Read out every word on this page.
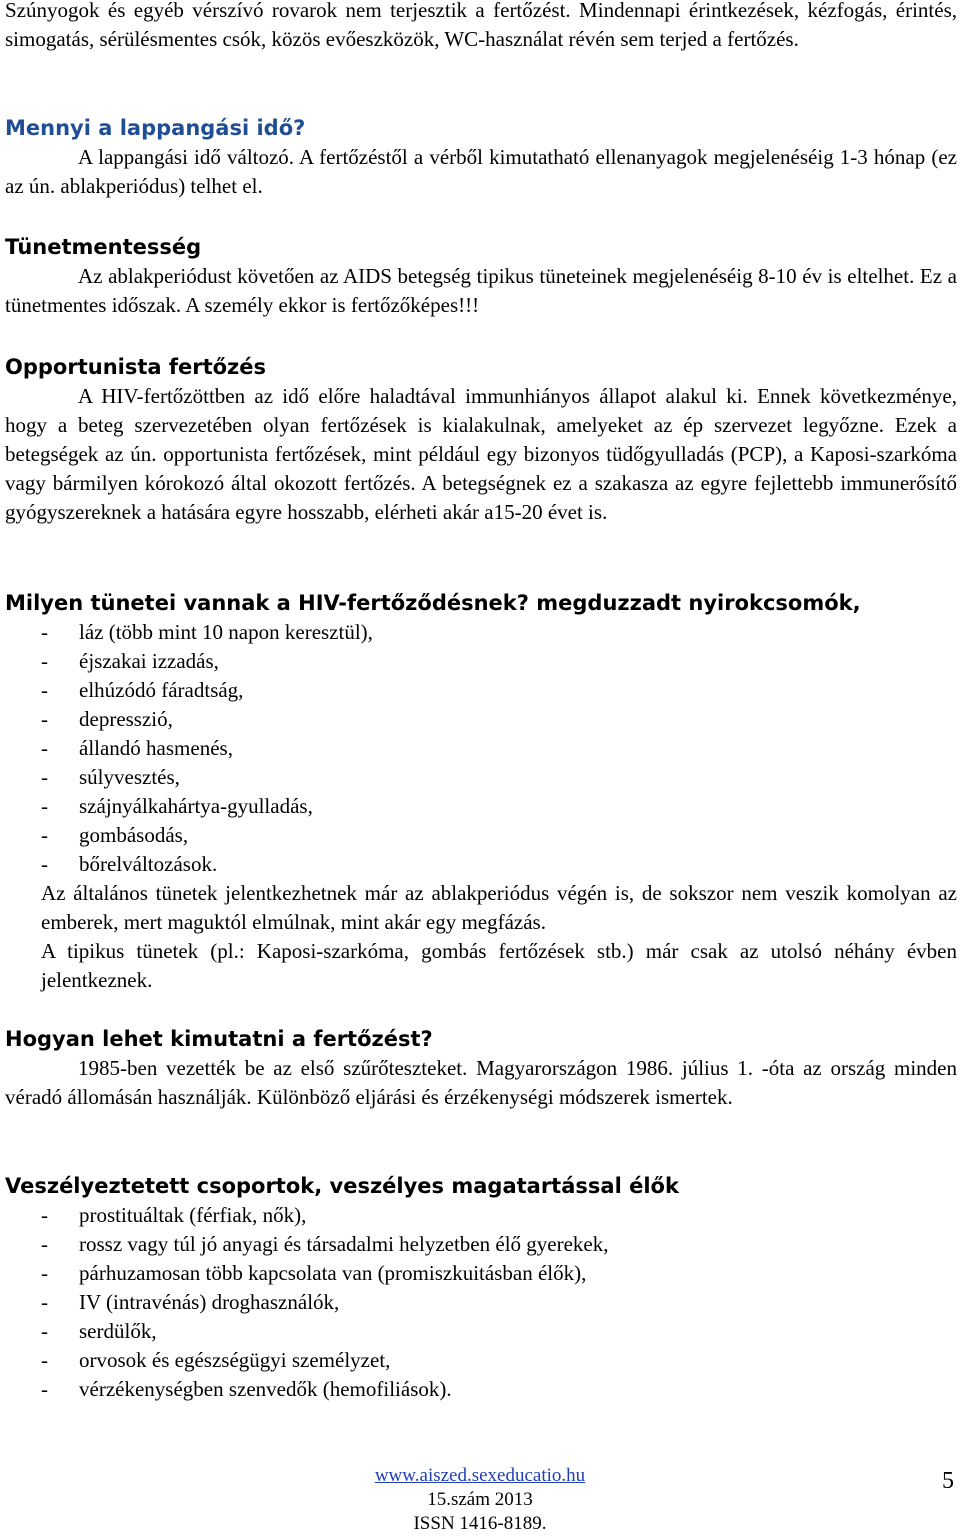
Szúnyogok és egyéb vérszívó rovarok nem terjesztik a fertőzést. Mindennapi érintkezések, kézfogás, érintés, simogatás, sérülésmentes csók, közös evőeszközök, WC-használat révén sem terjed a fertőzés.

Mennyi a lappangási idő?

A lappangási idő változó. A fertőzéstől a vérből kimutatható ellenanyagok megjelenéséig 1-3 hónap (ez az ún. ablakperiódus) telhet el.

Tünetmentesség

Az ablakperiódust követően az AIDS betegség tipikus tüneteinek megjelenéséig 8-10 év is eltelhet. Ez a tünetmentes időszak. A személy ekkor is fertőzőképes!!!

Opportunista fertőzés

A HIV-fertőzöttben az idő előre haladtával immunhiányos állapot alakul ki. Ennek következménye, hogy a beteg szervezetében olyan fertőzések is kialakulnak, amelyeket az ép szervezet legyőzne. Ezek a betegségek az ún. opportunista fertőzések, mint például egy bizonyos tüdőgyulladás (PCP), a Kaposi-szarkóma vagy bármilyen kórokozó által okozott fertőzés. A betegségnek ez a szakasza az egyre fejlettebb immunerősítő gyógyszereknek a hatására egyre hosszabb, elérheti akár a15-20 évet is.

Milyen tünetei vannak a HIV-fertőződésnek? megduzzadt nyirokcsomók,
- láz (több mint 10 napon keresztül),
- éjszakai izzadás,
- elhúzódó fáradtság,
- depresszió,
- állandó hasmenés,
- súlyvesztés,
- szájnyálkahártya-gyulladás,
- gombásodás,
- bőrelváltozások.

Az általános tünetek jelentkezhetnek már az ablakperiódus végén is, de sokszor nem veszik komolyan az emberek, mert maguktól elmúlnak, mint akár egy megfázás.

A tipikus tünetek (pl.: Kaposi-szarkóma, gombás fertőzések stb.) már csak az utolsó néhány évben jelentkeznek.

Hogyan lehet kimutatni a fertőzést?

1985-ben vezették be az első szűrőteszteket. Magyarországon 1986. július 1. -óta az ország minden véradó állomásán használják. Különböző eljárási és érzékenységi módszerek ismertek.

Veszélyeztetett csoportok, veszélyes magatartással élők
- prostituáltak (férfiak, nők),
- rossz vagy túl jó anyagi és társadalmi helyzetben élő gyerekek,
- párhuzamosan több kapcsolata van (promiszkuitásban élők),
- IV (intravénás) droghasználók,
- serdülők,
- orvosok és egészségügyi személyzet,
- vérzékenységben szenvedők (hemofiliások).
www.aiszed.sexeducatio.hu
15.szám 2013
ISSN 1416-8189.
5
